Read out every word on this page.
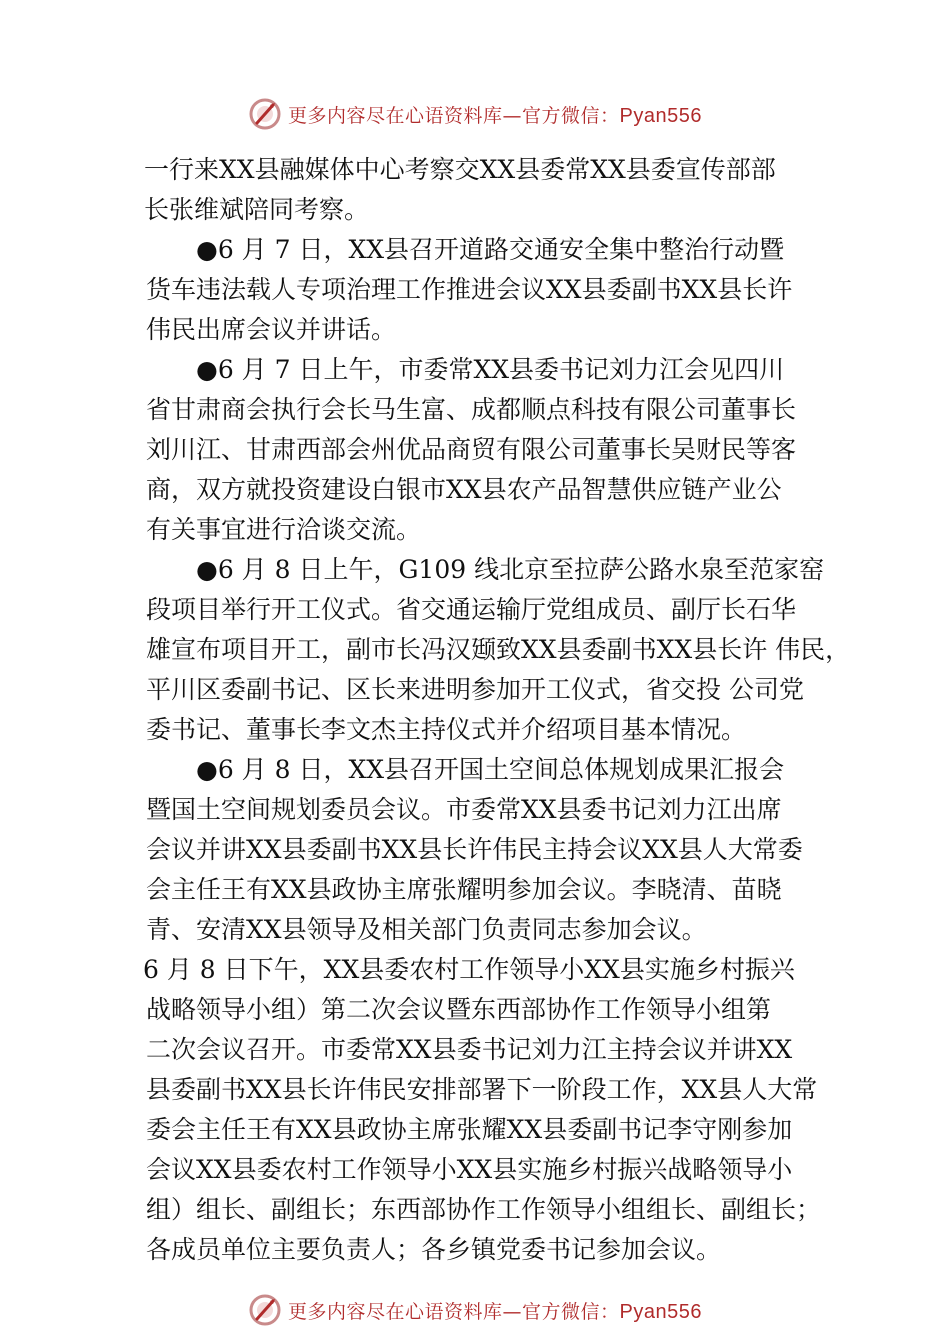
更多内容尽在心语资料库—官方微信：Pyan556

一行来XX县融媒体中心考察交XX县委常XX县委宣传部部
长张维斌陪同考察。

●6 月 7 日，XX县召开道路交通安全集中整治行动暨
货车违法载人专项治理工作推进会议XX县委副书XX县长许
伟民出席会议并讲话。

●6 月 7 日上午，市委常XX县委书记刘力江会见四川
省甘肃商会执行会长马生富、成都顺点科技有限公司董事长
刘川江、甘肃西部会州优品商贸有限公司董事长吴财民等客
商，双方就投资建设白银市XX县农产品智慧供应链产业公
有关事宜进行洽谈交流。

●6 月 8 日上午，G109 线北京至拉萨公路水泉至范家窑
段项目举行开工仪式。省交通运输厅党组成员、副厅长石华
雄宣布项目开工，副市长冯汉颋致XX县委副书XX县长许 伟民，
平川区委副书记、区长来进明参加开工仪式，省交投 公司党
委书记、董事长李文杰主持仪式并介绍项目基本情况。

●6 月 8 日，XX县召开国土空间总体规划成果汇报会
暨国土空间规划委员会议。市委常XX县委书记刘力江出席
会议并讲XX县委副书XX县长许伟民主持会议XX县人大常委
会主任王有XX县政协主席张耀明参加会议。李晓清、苗晓
青、安清XX县领导及相关部门负责同志参加会议。

6 月 8 日下午，XX县委农村工作领导小XX县实施乡村振兴
战略领导小组）第二次会议暨东西部协作工作领导小组第
二次会议召开。市委常XX县委书记刘力江主持会议并讲XX
县委副书XX县长许伟民安排部署下一阶段工作，XX县人大常
委会主任王有XX县政协主席张耀XX县委副书记李守刚参加
会议XX县委农村工作领导小XX县实施乡村振兴战略领导小
组）组长、副组长；东西部协作工作领导小组组长、副组长；
各成员单位主要负责人；各乡镇党委书记参加会议。

更多内容尽在心语资料库—官方微信：Pyan556
